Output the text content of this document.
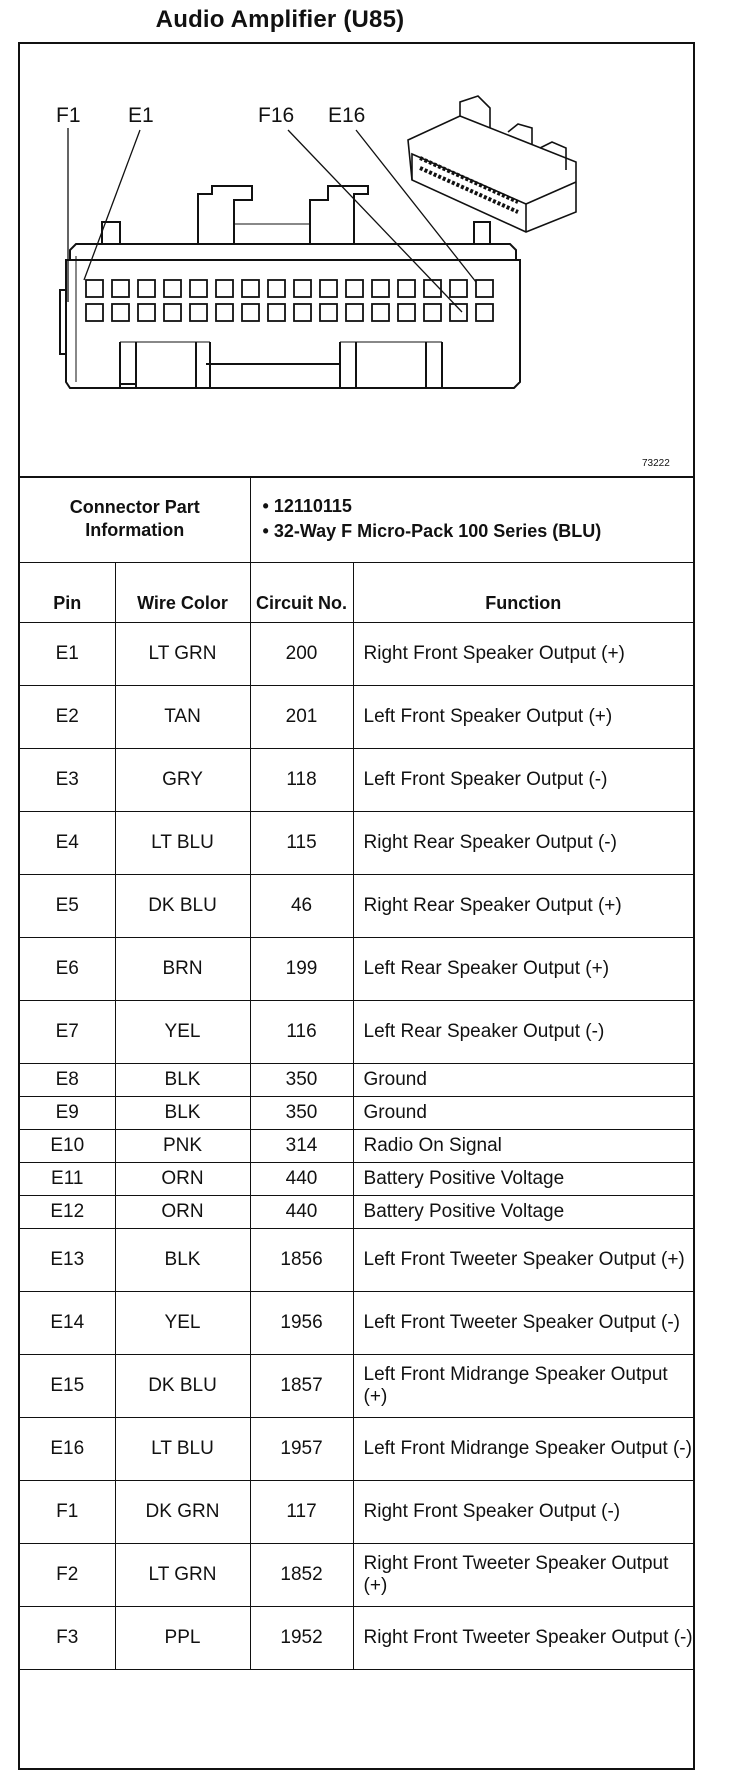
Audio Amplifier (U85)
F1 E1	F16 E16
73222
Connector Part Information		• 12110115
• 32-Way F Micro-Pack 100 Series (BLU)	

Pin	Wire Color	Circuit No.	Function
E1	LT GRN	200	Right Front Speaker Output (+)
E2	TAN	201	Left Front Speaker Output (+)
E3	GRY	118	Left Front Speaker Output (-)
E4	LT BLU	115	Right Rear Speaker Output (-)
E5	DK BLU	46	Right Rear Speaker Output (+)
E6	BRN	199	Left Rear Speaker Output (+)
E7	YEL	116	Left Rear Speaker Output (-)
E8	BLK	350	Ground
E9	BLK	350	Ground
E10	PNK	314	Radio On Signal
E11	ORN	440	Battery Positive Voltage
E12	ORN	440	Battery Positive Voltage
E13	BLK	1856	Left Front Tweeter Speaker Output (+)
E14	YEL	1956	Left Front Tweeter Speaker Output (-)
E15	DK BLU	1857	Left Front Midrange Speaker Output (+)
E16	LT BLU	1957	Left Front Midrange Speaker Output (-)
F1	DK GRN	117	Right Front Speaker Output (-)
F2	LT GRN	1852	Right Front Tweeter Speaker Output (+)
F3	PPL	1952	Right Front Tweeter Speaker Output (-)
